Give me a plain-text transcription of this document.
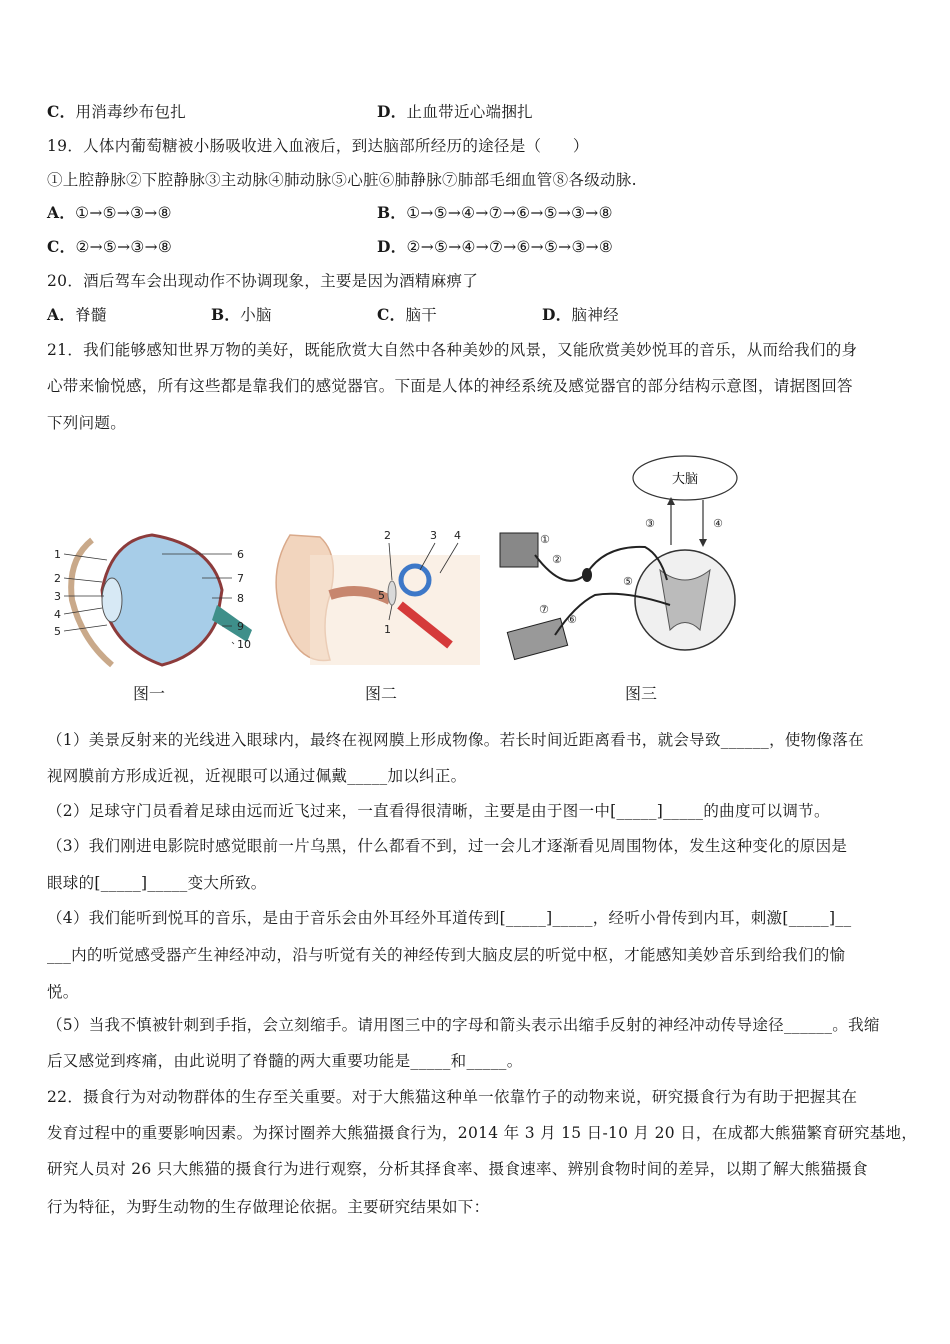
C．用消毒纱布包扎	D．止血带近心端捆扎
19．人体内葡萄糖被小肠吸收进入血液后，到达脑部所经历的途径是（　　）
①上腔静脉②下腔静脉③主动脉④肺动脉⑤心脏⑥肺静脉⑦肺部毛细血管⑧各级动脉.
A．①→⑤→③→⑧	B．①→⑤→④→⑦→⑥→⑤→③→⑧
C．②→⑤→③→⑧	D．②→⑤→④→⑦→⑥→⑤→③→⑧
20．酒后驾车会出现动作不协调现象，主要是因为酒精麻痹了
A．脊髓	B．小脑	C．脑干	D．脑神经
21．我们能够感知世界万物的美好，既能欣赏大自然中各种美妙的风景，又能欣赏美妙悦耳的音乐，从而给我们的身
心带来愉悦感，所有这些都是靠我们的感觉器官。下面是人体的神经系统及感觉器官的部分结构示意图，请据图回答
下列问题。
1
2
3
4
5
6
7
8
9
10
图一
2	3 4
1
5
图二
大脑
①
②
③	④
⑤
⑥
⑦
图三
（1）美景反射来的光线进入眼球内，最终在视网膜上形成物像。若长时间近距离看书，就会导致______，使物像落在
视网膜前方形成近视，近视眼可以通过佩戴_____加以纠正。
（2）足球守门员看着足球由远而近飞过来，一直看得很清晰，主要是由于图一中[_____]_____的曲度可以调节。
（3）我们刚进电影院时感觉眼前一片乌黑，什么都看不到，过一会儿才逐渐看见周围物体，发生这种变化的原因是
眼球的[_____]_____变大所致。
（4）我们能听到悦耳的音乐，是由于音乐会由外耳经外耳道传到[_____]_____，经听小骨传到内耳，刺激[_____]__
___内的听觉感受器产生神经冲动，沿与听觉有关的神经传到大脑皮层的听觉中枢，才能感知美妙音乐到给我们的愉
悦。
（5）当我不慎被针刺到手指，会立刻缩手。请用图三中的字母和箭头表示出缩手反射的神经冲动传导途径______。我缩
后又感觉到疼痛，由此说明了脊髓的两大重要功能是_____和_____。
22．摄食行为对动物群体的生存至关重要。对于大熊猫这种单一依靠竹子的动物来说，研究摄食行为有助于把握其在
发育过程中的重要影响因素。为探讨圈养大熊猫摄食行为，2014 年 3 月 15 日-10 月 20 日，在成都大熊猫繁育研究基地，
研究人员对 26 只大熊猫的摄食行为进行观察，分析其择食率、摄食速率、辨别食物时间的差异，以期了解大熊猫摄食
行为特征，为野生动物的生存做理论依据。主要研究结果如下：
